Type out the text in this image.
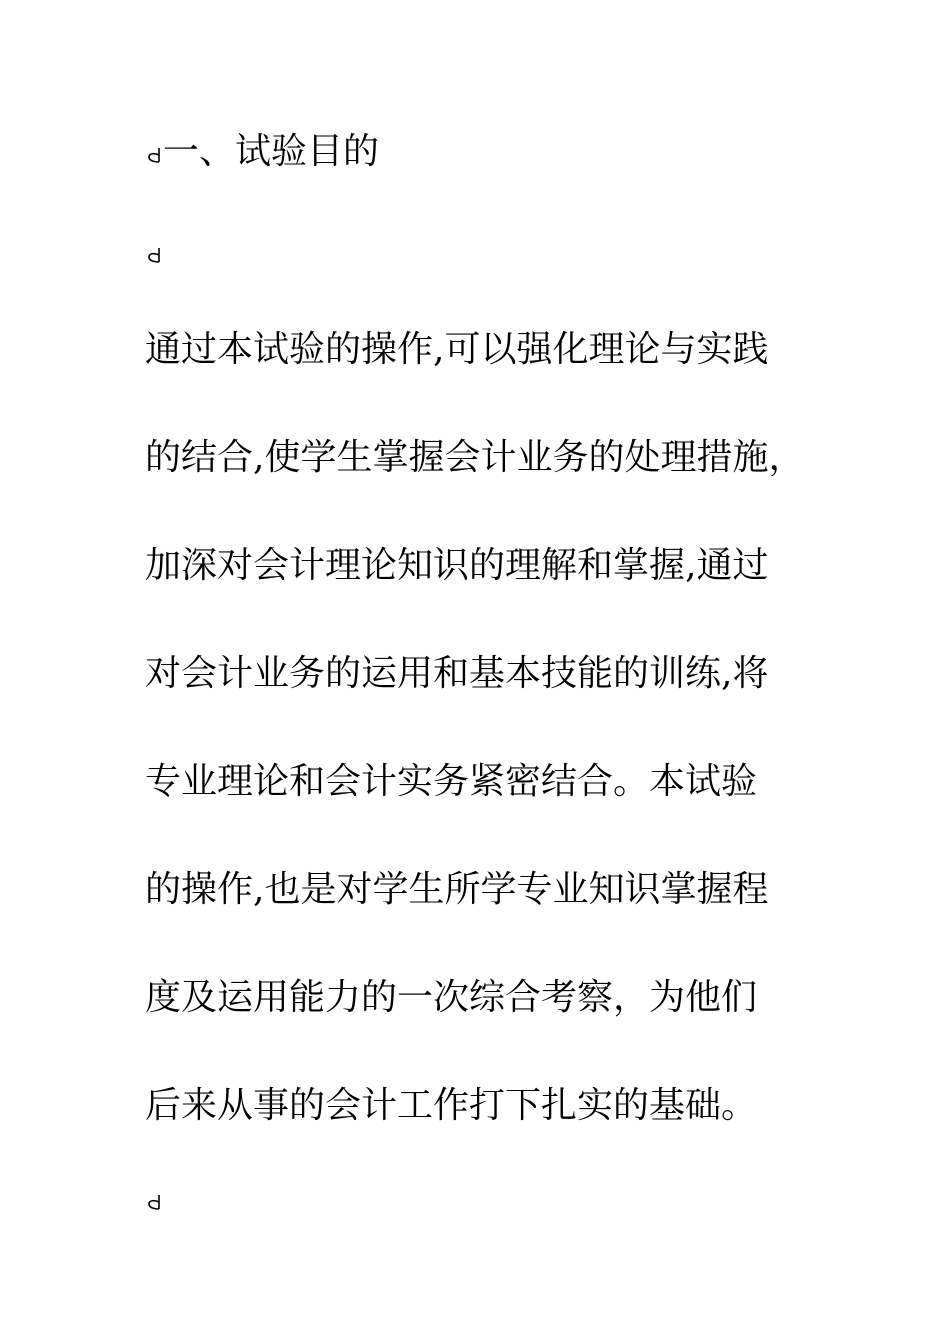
一、试验目的
通过本试验的操作,可以强化理论与实践
的结合,使学生掌握会计业务的处理措施，
加深对会计理论知识的理解和掌握,通过
对会计业务的运用和基本技能的训练,将
专业理论和会计实务紧密结合。本试验
的操作,也是对学生所学专业知识掌握程
度及运用能力的一次综合考察，为他们
后来从事的会计工作打下扎实的基础。
